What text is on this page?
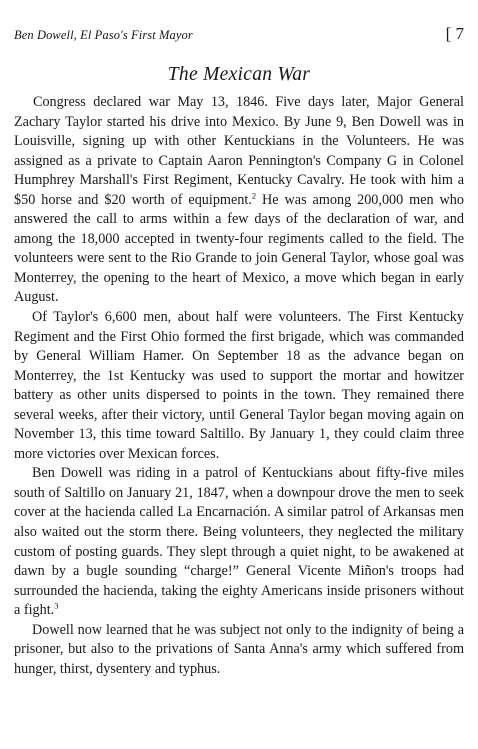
Ben Dowell, El Paso's First Mayor	[ 7
The Mexican War

Congress declared war May 13, 1846. Five days later, Major General Zachary Taylor started his drive into Mexico. By June 9, Ben Dowell was in Louisville, signing up with other Kentuckians in the Volunteers. He was assigned as a private to Captain Aaron Pennington's Company G in Colonel Humphrey Marshall's First Regiment, Kentucky Cavalry. He took with him a $50 horse and $20 worth of equipment.$^2$ He was among 200,000 men who answered the call to arms within a few days of the declaration of war, and among the 18,000 accepted in twenty-four regiments called to the field. The volunteers were sent to the Rio Grande to join General Taylor, whose goal was Monterrey, the opening to the heart of Mexico, a move which began in early August.

Of Taylor's 6,600 men, about half were volunteers. The First Kentucky Regiment and the First Ohio formed the first brigade, which was commanded by General William Hamer. On September 18 as the advance began on Monterrey, the 1st Kentucky was used to support the mortar and howitzer battery as other units dispersed to points in the town. They remained there several weeks, after their victory, until General Taylor began moving again on November 13, this time toward Saltillo. By January 1, they could claim three more victories over Mexican forces.

Ben Dowell was riding in a patrol of Kentuckians about fifty-five miles south of Saltillo on January 21, 1847, when a downpour drove the men to seek cover at the hacienda called La Encarnación. A similar patrol of Arkansas men also waited out the storm there. Being volunteers, they neglected the military custom of posting guards. They slept through a quiet night, to be awakened at dawn by a bugle sounding “charge!” General Vicente Miñon's troops had surrounded the hacienda, taking the eighty Americans inside prisoners without a fight.$^3$

Dowell now learned that he was subject not only to the indignity of being a prisoner, but also to the privations of Santa Anna's army which suffered from hunger, thirst, dysentery and typhus.
